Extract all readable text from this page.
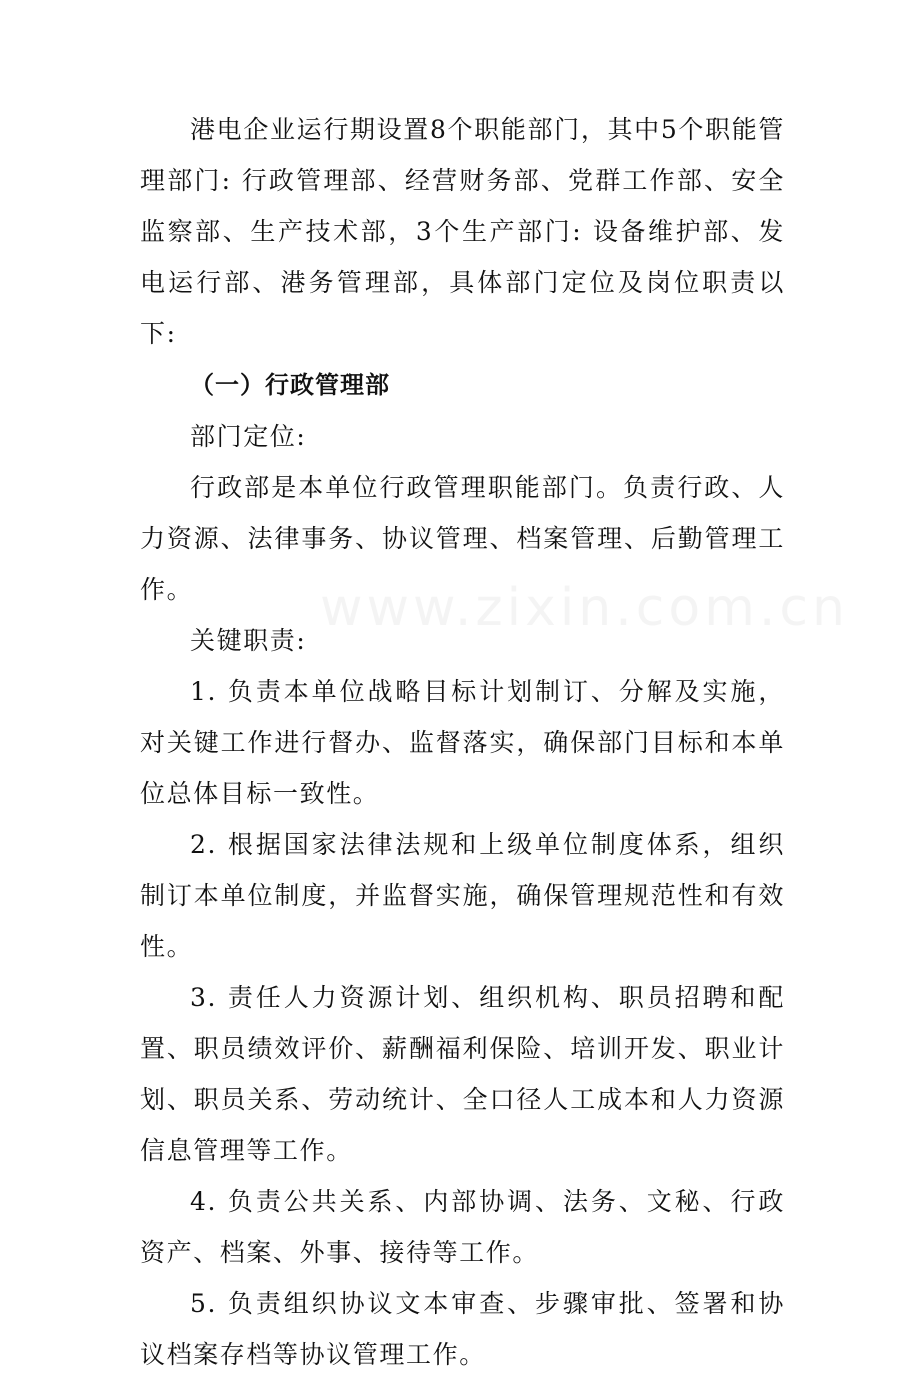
港电企业运行期设置8个职能部门，其中5个职能管理部门: 行政管理部、经营财务部、党群工作部、安全监察部、生产技术部，3个生产部门: 设备维护部、发电运行部、港务管理部，具体部门定位及岗位职责以下:

（一）行政管理部

部门定位:

行政部是本单位行政管理职能部门。负责行政、人力资源、法律事务、协议管理、档案管理、后勤管理工作。

关键职责:

1. 负责本单位战略目标计划制订、分解及实施，对关键工作进行督办、监督落实，确保部门目标和本单位总体目标一致性。

2. 根据国家法律法规和上级单位制度体系，组织制订本单位制度，并监督实施，确保管理规范性和有效性。

3. 责任人力资源计划、组织机构、职员招聘和配置、职员绩效评价、薪酬福利保险、培训开发、职业计划、职员关系、劳动统计、全口径人工成本和人力资源信息管理等工作。

4. 负责公共关系、内部协调、法务、文秘、行政资产、档案、外事、接待等工作。

5. 负责组织协议文本审查、步骤审批、签署和协议档案存档等协议管理工作。

www.zixin.com.cn
